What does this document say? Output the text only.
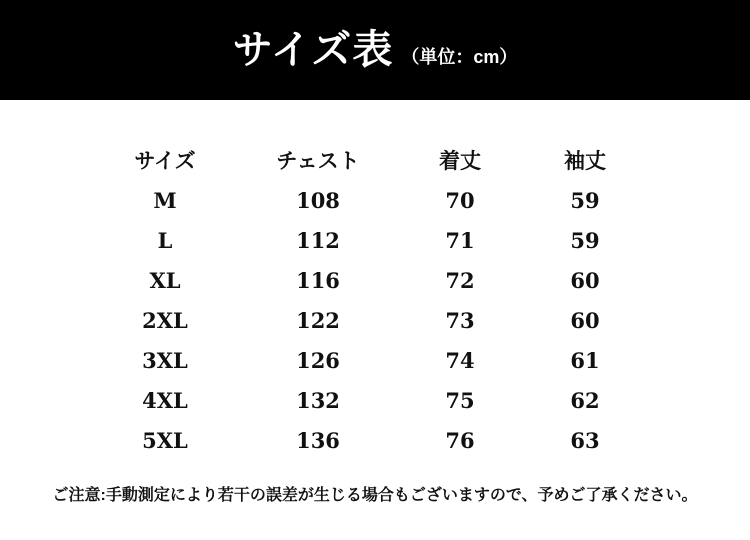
サイズ表 （単位：cm）
サイズ	チェスト	着丈	袖丈
M	108	70	59
L	112	71	59
XL	116	72	60
2XL	122	73	60
3XL	126	74	61
4XL	132	75	62
5XL	136	76	63
ご注意:手動測定により若干の誤差が生じる場合もございますので、予めご了承ください。
